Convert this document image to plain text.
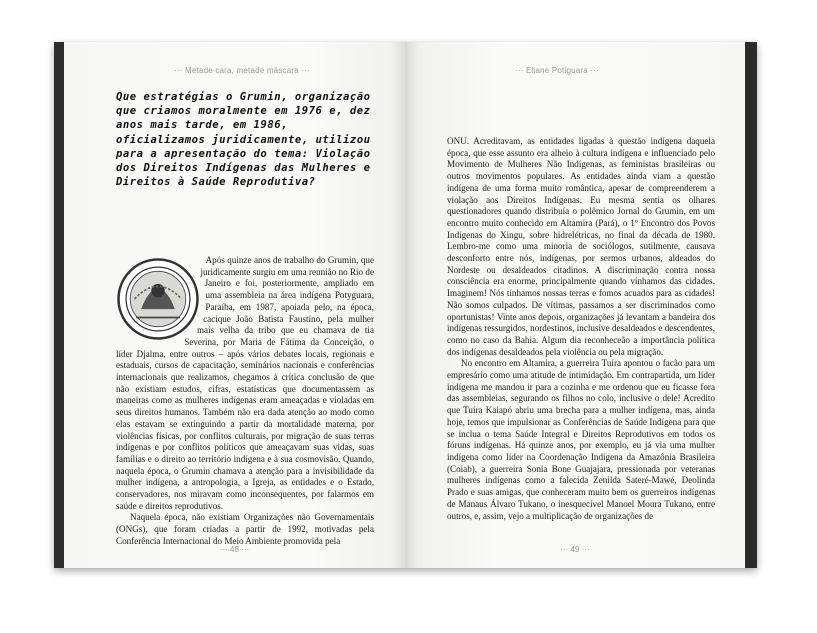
··· Metade cara, metade máscara ···
Que estratégias o Grumin, organização que criamos moralmente em 1976 e, dez anos mais tarde, em 1986, oficializamos juridicamente, utilizou para a apresentação do tema: Violação dos Direitos Indígenas das Mulheres e Direitos à Saúde Reprodutiva?

Após quinze anos de trabalho do Grumin, que juridicamente surgiu em uma reunião no Rio de Janeiro e foi, posteriormente, ampliado em uma assembleia na área indígena Potyguara, Paraíba, em 1987, apoiada pelo, na época, cacique João Batista Faustino, pela mulher mais velha da tribo que eu chamava de tia Severina, por Maria de Fátima da Conceição, o líder Djalma, entre outros – após vários debates locais, regionais e estaduais, cursos de capacitação, seminários nacionais e conferências internacionais que realizamos, chegamos à crítica conclusão de que não existiam estudos, cifras, estatísticas que documentassem as maneiras como as mulheres indígenas eram ameaçadas e violadas em seus direitos humanos. Também não era dada atenção ao modo como elas estavam se extinguindo a partir da mortalidade materna, por violências físicas, por conflitos culturais, por migração de suas terras indígenas e por conflitos políticos que ameaçavam suas vidas, suas famílias e o direito ao território indígena e à sua cosmovisão. Quando, naquela época, o Grumin chamava a atenção para a invisibilidade da mulher indígena, a antropologia, a Igreja, as entidades e o Estado, conservadores, nos miravam como inconsequentes, por falarmos em saúde e direitos reprodutivos.

Naquela época, não existiam Organizações não Governamentais (ONGs), que foram criadas a partir de 1992, motivadas pela Conferência Internacional do Meio Ambiente promovida pela

··· 48 ···
··· Eliane Potiguara ···

ONU. Acreditavam, as entidades ligadas à questão indígena daquela época, que esse assunto era alheio à cultura indígena e influenciado pelo Movimento de Mulheres Não Indígenas, as feministas brasileiras ou outros movimentos populares. As entidades ainda viam a questão indígena de uma forma muito romântica, apesar de compreenderem a violação aos Direitos Indígenas. Eu mesma sentia os olhares questionadores quando distribuía o polêmico Jornal do Grumin, em um encontro muito conhecido em Altamira (Pará), o 1º Encontro dos Povos Indígenas do Xingu, sobre hidrelétricas, no final da década de 1980. Lembro-me como uma minoria de sociólogos, sutilmente, causava desconforto entre nós, indígenas, por sermos urbanos, aldeados do Nordeste ou desaldeados citadinos. A discriminação contra nossa consciência era enorme, principalmente quando vínhamos das cidades. Imaginem! Nós tínhamos nossas terras e fomos acuados para as cidades! Não somos culpados. De vítimas, passamos a ser discriminados como oportunistas! Vinte anos depois, organizações já levantam a bandeira dos indígenas ressurgidos, nordestinos, inclusive desaldeados e descendentes, como no caso da Bahia. Algum dia reconheceão a importância política dos indígenas desaldeados pela violência ou pela migração.

No encontro em Altamira, a guerreira Tuíra apontou o facão para um empresário como uma atitude de intimidação. Em contrapartida, um líder indígena me mandou ir para a cozinha e me ordenou que eu ficasse fora das assembleias, segurando os filhos no colo, inclusive o dele! Acredito que Tuíra Kaiapó abriu uma brecha para a mulher indígena, mas, ainda hoje, temos que impulsionar as Conferências de Saúde Indígena para que se inclua o tema Saúde Integral e Direitos Reprodutivos em todos os fóruns indígenas. Há quinze anos, por exemplo, eu já via uma mulher indígena como líder na Coordenação Indígena da Amazônia Brasileira (Coiab), a guerreira Sonia Bone Guajajara, pressionada por veteranas mulheres indígenas como a falecida Zenilda Sateré-Mawé, Deolinda Prado e suas amigas, que conheceram muito bem os guerreiros indígenas de Manaus Álvaro Tukano, o inesquecível Manoel Moura Tukano, entre outros, e, assim, vejo a multiplicação de organizações de

··· 49 ···
